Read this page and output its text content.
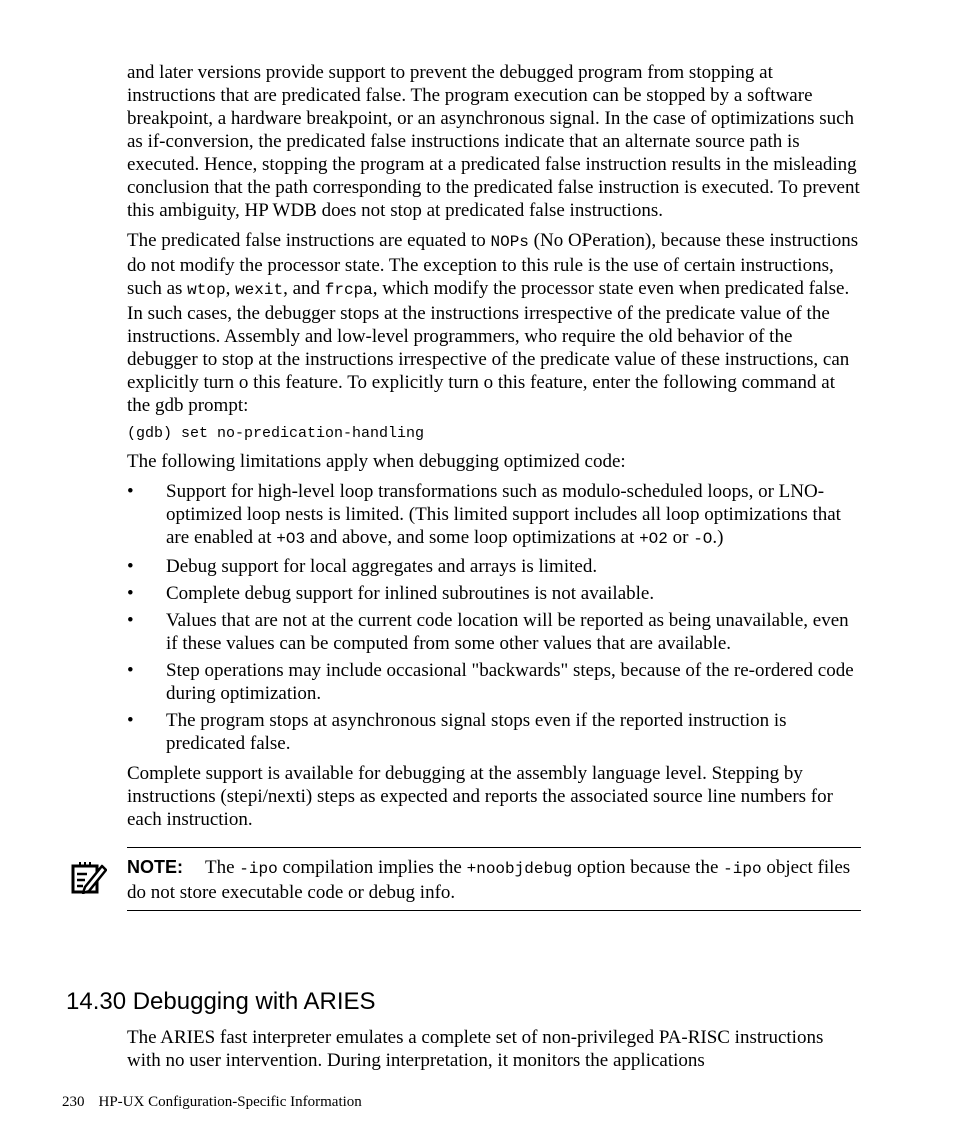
and later versions provide support to prevent the debugged program from stopping at instructions that are predicated false. The program execution can be stopped by a software breakpoint, a hardware breakpoint, or an asynchronous signal. In the case of optimizations such as if-conversion, the predicated false instructions indicate that an alternate source path is executed. Hence, stopping the program at a predicated false instruction results in the misleading conclusion that the path corresponding to the predicated false instruction is executed. To prevent this ambiguity, HP WDB does not stop at predicated false instructions.

The predicated false instructions are equated to NOPs (No OPeration), because these instructions do not modify the processor state. The exception to this rule is the use of certain instructions, such as wtop, wexit, and frcpa, which modify the processor state even when predicated false. In such cases, the debugger stops at the instructions irrespective of the predicate value of the instructions. Assembly and low-level programmers, who require the old behavior of the debugger to stop at the instructions irrespective of the predicate value of these instructions, can explicitly turn o this feature. To explicitly turn o this feature, enter the following command at the gdb prompt:

(gdb) set no-predication-handling

The following limitations apply when debugging optimized code:

• Support for high-level loop transformations such as modulo-scheduled loops, or LNO-optimized loop nests is limited. (This limited support includes all loop optimizations that are enabled at +O3 and above, and some loop optimizations at +O2 or -O.)
• Debug support for local aggregates and arrays is limited.
• Complete debug support for inlined subroutines is not available.
• Values that are not at the current code location will be reported as being unavailable, even if these values can be computed from some other values that are available.
• Step operations may include occasional "backwards" steps, because of the re-ordered code during optimization.
• The program stops at asynchronous signal stops even if the reported instruction is predicated false.

Complete support is available for debugging at the assembly language level. Stepping by instructions (stepi/nexti) steps as expected and reports the associated source line numbers for each instruction.

NOTE: The -ipo compilation implies the +noobjdebug option because the -ipo object files do not store executable code or debug info.
14.30 Debugging with ARIES

The ARIES fast interpreter emulates a complete set of non-privileged PA-RISC instructions with no user intervention. During interpretation, it monitors the applications

230 HP-UX Configuration-Specific Information
